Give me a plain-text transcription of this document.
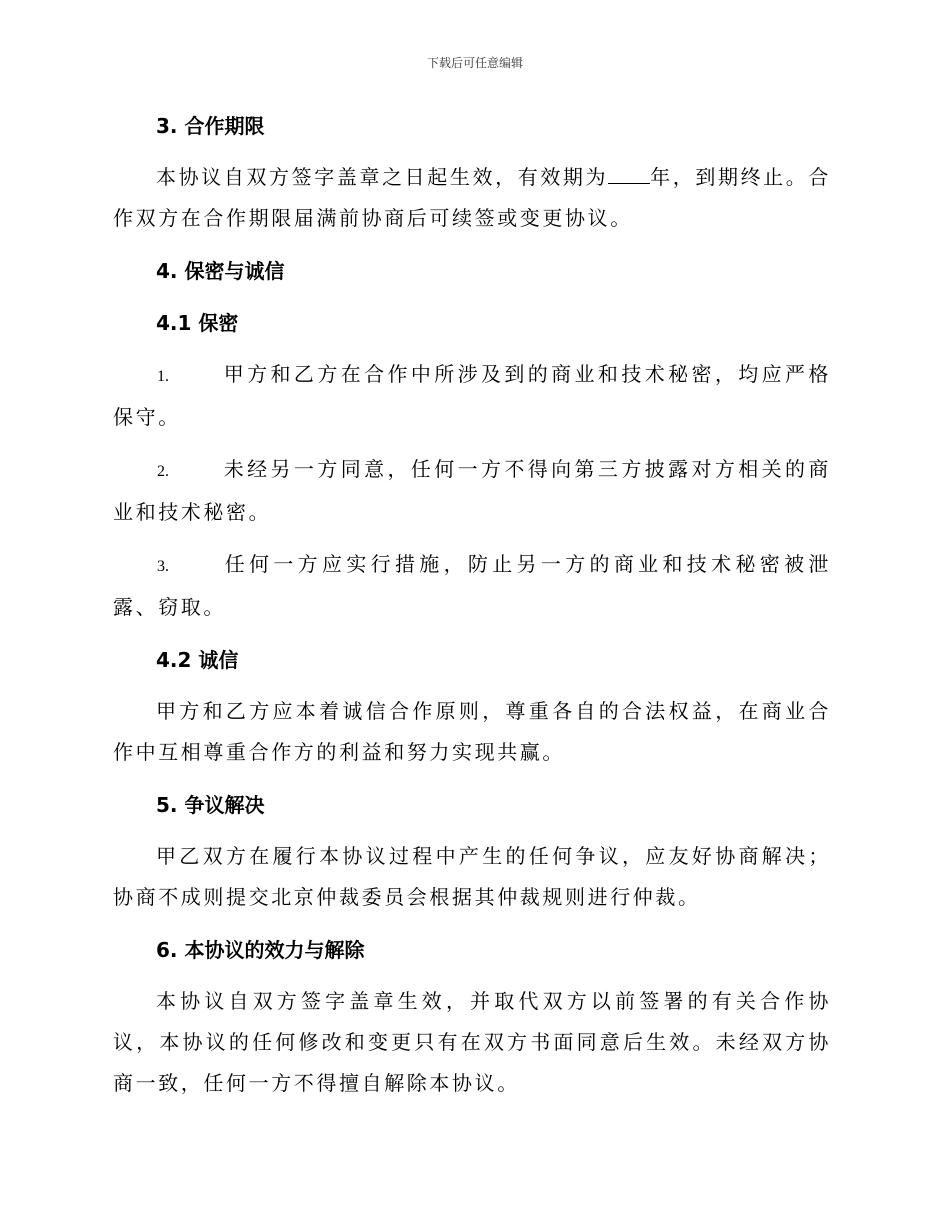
下载后可任意编辑
3. 合作期限
本协议自双方签字盖章之日起生效，有效期为 年，到期终止。合作双方在合作期限届满前协商后可续签或变更协议。
4. 保密与诚信
4.1 保密
1.	甲方和乙方在合作中所涉及到的商业和技术秘密，均应严格保守。
2.	未经另一方同意，任何一方不得向第三方披露对方相关的商业和技术秘密。
3.	任何一方应实行措施，防止另一方的商业和技术秘密被泄露、窃取。
4.2 诚信
甲方和乙方应本着诚信合作原则，尊重各自的合法权益，在商业合作中互相尊重合作方的利益和努力实现共赢。
5. 争议解决
甲乙双方在履行本协议过程中产生的任何争议，应友好协商解决；协商不成则提交北京仲裁委员会根据其仲裁规则进行仲裁。
6. 本协议的效力与解除
本协议自双方签字盖章生效，并取代双方以前签署的有关合作协议，本协议的任何修改和变更只有在双方书面同意后生效。未经双方协商一致，任何一方不得擅自解除本协议。
